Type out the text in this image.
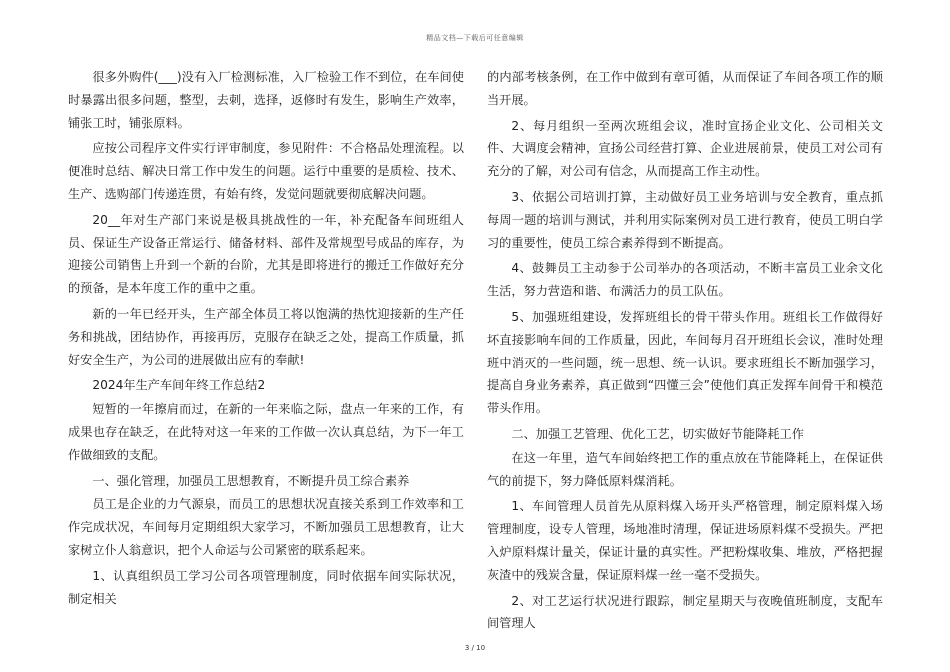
精品文档—下载后可任意编辑

很多外购件(___)没有入厂检测标准，入厂检验工作不到位，在车间使时暴露出很多问题，整型，去刺，选择，返修时有发生，影响生产效率，铺张工时，铺张原料。

应按公司程序文件实行评审制度，参见附件：不合格品处理流程。以便准时总结、解决日常工作中发生的问题。运行中重要的是质检、技术、生产、选购部门传递连贯，有始有终，发觉问题就要彻底解决问题。

20__年对生产部门来说是极具挑战性的一年，补充配备车间班组人员、保证生产设备正常运行、储备材料、部件及常规型号成品的库存，为迎接公司销售上升到一个新的台阶，尤其是即将进行的搬迁工作做好充分的预备，是本年度工作的重中之重。

新的一年已经开头，生产部全体员工将以饱满的热忱迎接新的生产任务和挑战，团结协作，再接再厉，克服存在缺乏之处，提高工作质量，抓好安全生产，为公司的进展做出应有的奉献!

2024年生产车间年终工作总结2

短暂的一年擦肩而过，在新的一年来临之际，盘点一年来的工作，有成果也存在缺乏，在此特对这一年来的工作做一次认真总结，为下一年工作做细致的支配。

一、强化管理，加强员工思想教育，不断提升员工综合素养

员工是企业的力气源泉，而员工的思想状况直接关系到工作效率和工作完成状况，车间每月定期组织大家学习，不断加强员工思想教育，让大家树立仆人翁意识，把个人命运与公司紧密的联系起来。

1、认真组织员工学习公司各项管理制度，同时依据车间实际状况，制定相关

的内部考核条例，在工作中做到有章可循，从而保证了车间各项工作的顺当开展。

2、每月组织一至两次班组会议，准时宣扬企业文化、公司相关文件、大调度会精神，宣扬公司经营打算、企业进展前景，使员工对公司有充分的了解，对公司有信念，从而提高工作主动性。

3、依据公司培训打算，主动做好员工业务培训与安全教育，重点抓每周一题的培训与测试，并利用实际案例对员工进行教育，使员工明白学习的重要性，使员工综合素养得到不断提高。

4、鼓舞员工主动参于公司举办的各项活动，不断丰富员工业余文化生活，努力营造和谐、布满活力的员工队伍。

5、加强班组建设，发挥班组长的骨干带头作用。班组长工作做得好坏直接影响车间的工作质量，因此，车间每月召开班组长会议，准时处理班中消灭的一些问题，统一思想、统一认识。要求班组长不断加强学习，提高自身业务素养，真正做到“四懂三会”使他们真正发挥车间骨干和模范带头作用。

二、加强工艺管理、优化工艺，切实做好节能降耗工作

在这一年里，造气车间始终把工作的重点放在节能降耗上，在保证供气的前提下，努力降低原料煤消耗。

1、车间管理人员首先从原料煤入场开头严格管理，制定原料煤入场管理制度，设专人管理，场地准时清理，保证进场原料煤不受损失。严把入炉原料煤计量关，保证计量的真实性。严把粉煤收集、堆放，严格把握灰渣中的残炭含量，保证原料煤一丝一毫不受损失。

2、对工艺运行状况进行跟踪，制定星期天与夜晚值班制度，支配车间管理人

3 / 10
